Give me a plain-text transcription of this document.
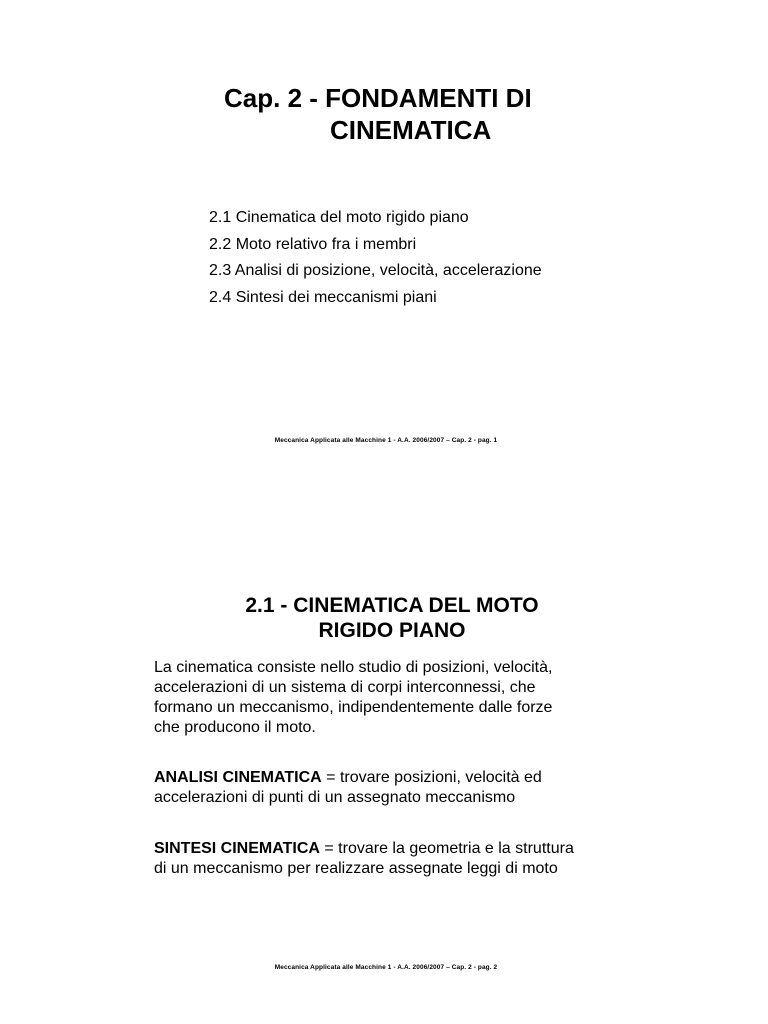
Cap. 2 - FONDAMENTI DI
CINEMATICA
2.1 Cinematica del moto rigido piano
2.2 Moto relativo fra i membri
2.3 Analisi di posizione, velocità, accelerazione
2.4 Sintesi dei meccanismi piani
Meccanica Applicata alle Macchine 1 - A.A. 2006/2007 – Cap. 2 - pag. 1
2.1 - CINEMATICA DEL MOTO
RIGIDO PIANO

La cinematica consiste nello studio di posizioni, velocità,
accelerazioni di un sistema di corpi interconnessi, che
formano un meccanismo, indipendentemente dalle forze
che producono il moto.

ANALISI CINEMATICA = trovare posizioni, velocità ed
accelerazioni di punti di un assegnato meccanismo

SINTESI CINEMATICA = trovare la geometria e la struttura
di un meccanismo per realizzare assegnate leggi di moto

Meccanica Applicata alle Macchine 1 - A.A. 2006/2007 – Cap. 2 - pag. 2
